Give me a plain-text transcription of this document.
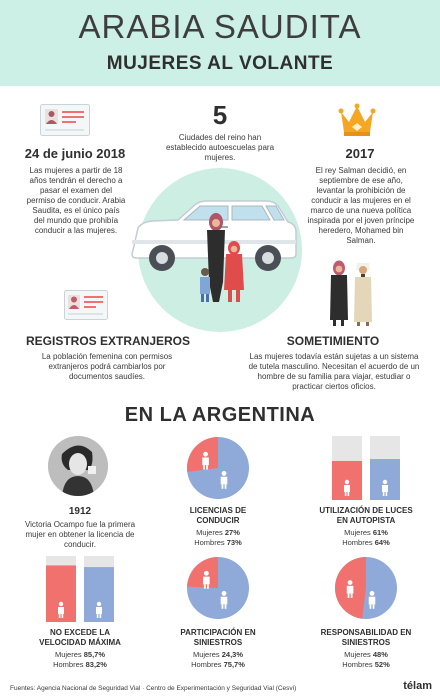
ARABIA SAUDITA
MUJERES AL VOLANTE
24 de junio 2018
Las mujeres a partir de 18 años tendrán el derecho a pasar el examen del permiso de conducir. Arabia Saudita, es el único país del mundo que prohibía conducir a las mujeres.
5
Ciudades del reino han establecido autoescuelas para mujeres.	2017
El rey Salman decidió, en septiembre de ese año, levantar la prohibición de conducir a las mujeres en el marco de una nueva política inspirada por el joven príncipe heredero, Mohamed bin Salman.
REGISTROS EXTRANJEROS
La población femenina con permisos extranjeros podrá cambiarlos por documentos saudíes.
SOMETIMIENTO
Las mujeres todavía están sujetas a un sistema de tutela masculino. Necesitan el acuerdo de un hombre de su familia para viajar, estudiar o practicar ciertos oficios.
EN LA ARGENTINA
1912
Victoria Ocampo fue la primera mujer en obtener la licencia de conducir.
LICENCIAS DE CONDUCIR
Mujeres 27%
Hombres 73%
UTILIZACIÓN DE LUCES EN AUTOPISTA
Mujeres 61%
Hombres 64%
NO EXCEDE LA VELOCIDAD MÁXIMA
Mujeres 85,7%
Hombres 83,2%
PARTICIPACIÓN EN SINIESTROS
Mujeres 24,3%
Hombres 75,7%
RESPONSABILIDAD EN SINIESTROS
Mujeres 48%
Hombres 52%
Fuentes: Agencia Nacional de Seguridad Vial · Centro de Experimentación y Seguridad Vial (Cesvi)	télam
